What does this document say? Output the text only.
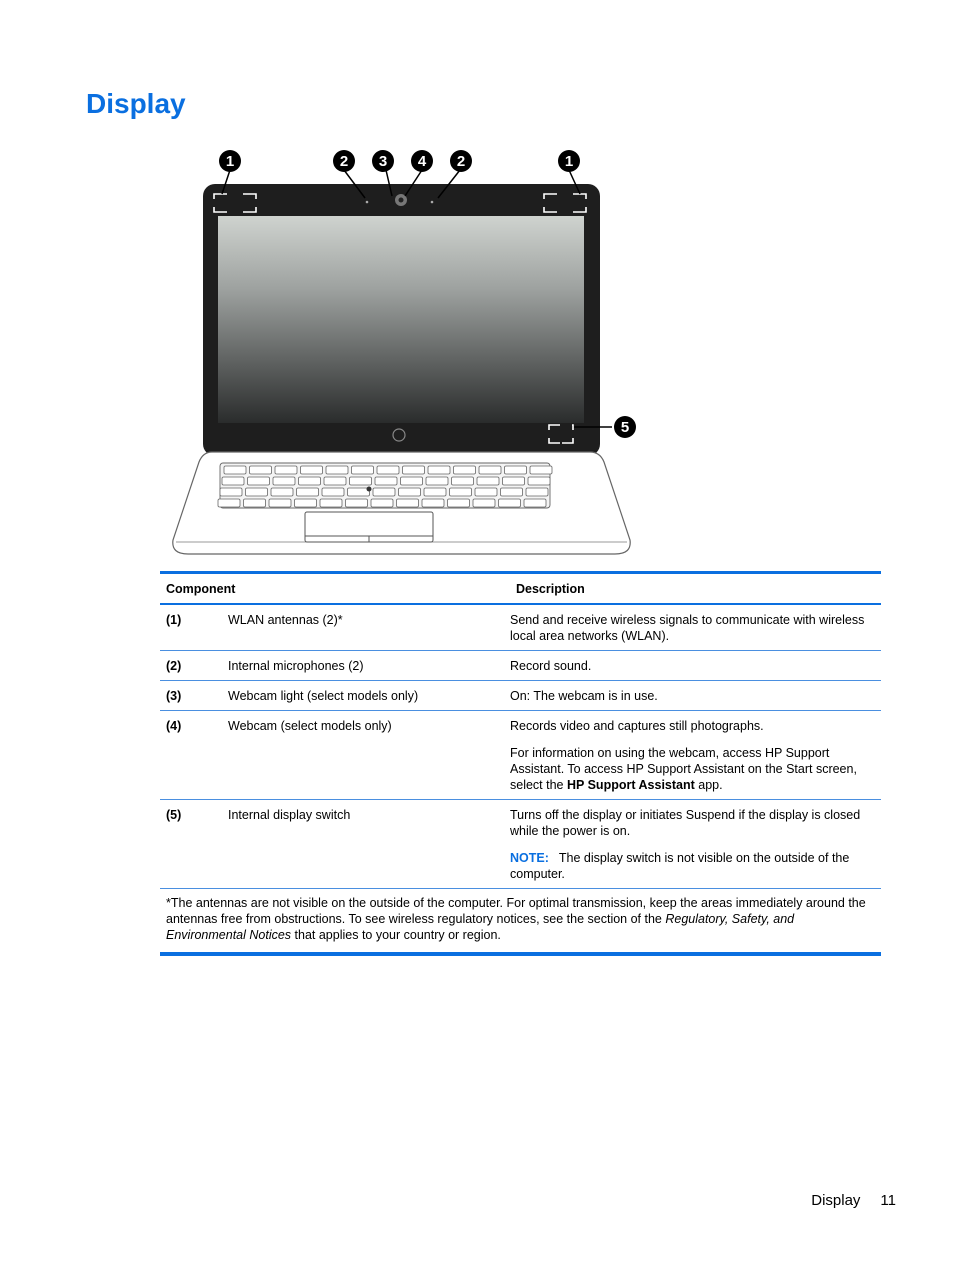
Display
1	2 3 4 2	1
5
Component	Description
(1)	WLAN antennas (2)*	Send and receive wireless signals to communicate with wireless local area networks (WLAN).

(2)	Internal microphones (2)	Record sound.

(3)	Webcam light (select models only)	On: The webcam is in use.

(4)	Webcam (select models only)	Records video and captures still photographs.

For information on using the webcam, access HP Support Assistant. To access HP Support Assistant on the Start screen, select the HP Support Assistant app.

(5)	Internal display switch	Turns off the display or initiates Suspend if the display is closed while the power is on.

NOTE: The display switch is not visible on the outside of the computer.

*The antennas are not visible on the outside of the computer. For optimal transmission, keep the areas immediately around the antennas free from obstructions. To see wireless regulatory notices, see the section of the Regulatory, Safety, and Environmental Notices that applies to your country or region.

Display 11
